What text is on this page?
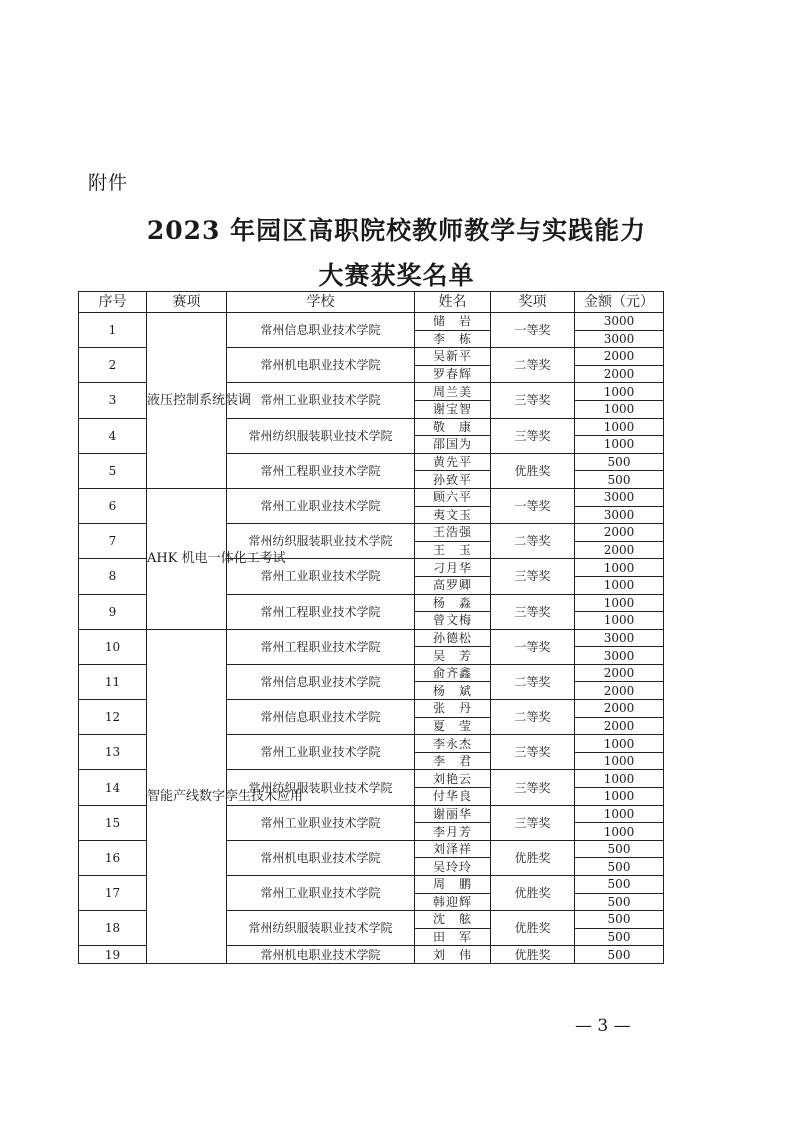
附件
2023 年园区高职院校教师教学与实践能力
大赛获奖名单
序号	赛项	学校	姓名	奖项	金额（元）
1	液压控制系统装调	常州信息职业技术学院	储　岩	一等奖	3000
			李　栋		3000
2		常州机电职业技术学院	吴新平	二等奖	2000
			罗春辉		2000
3		常州工业职业技术学院	周兰美	三等奖	1000
			谢宝智		1000
4		常州纺织服装职业技术学院	敬　康	三等奖	1000
			邵国为		1000
5		常州工程职业技术学院	黄先平	优胜奖	500
			孙致平		500
6	AHK 机电一体化工考试	常州工业职业技术学院	顾六平	一等奖	3000
			夷文玉		3000
7		常州纺织服装职业技术学院	王浩强	二等奖	2000
			王　玉		2000
8		常州工业职业技术学院	刁月华	三等奖	1000
			高罗卿		1000
9		常州工程职业技术学院	杨　淼	三等奖	1000
			曾文梅		1000
10	智能产线数字孪生技术应用	常州工程职业技术学院	孙德松	一等奖	3000
			吴　芳		3000
11		常州信息职业技术学院	俞齐鑫	二等奖	2000
			杨　斌		2000
12		常州信息职业技术学院	张　丹	二等奖	2000
			夏　莹		2000
13		常州工业职业技术学院	李永杰	三等奖	1000
			李　君		1000
14		常州纺织服装职业技术学院	刘艳云	三等奖	1000
			付华良		1000
15		常州工业职业技术学院	谢丽华	三等奖	1000
			李月芳		1000
16		常州机电职业技术学院	刘泽祥	优胜奖	500
			吴玲玲		500
17		常州工业职业技术学院	周　鹏	优胜奖	500
			韩迎辉		500
18		常州纺织服装职业技术学院	沈　舷	优胜奖	500
			田　军		500
19		常州机电职业技术学院	刘　伟	优胜奖	500
— 3 —
